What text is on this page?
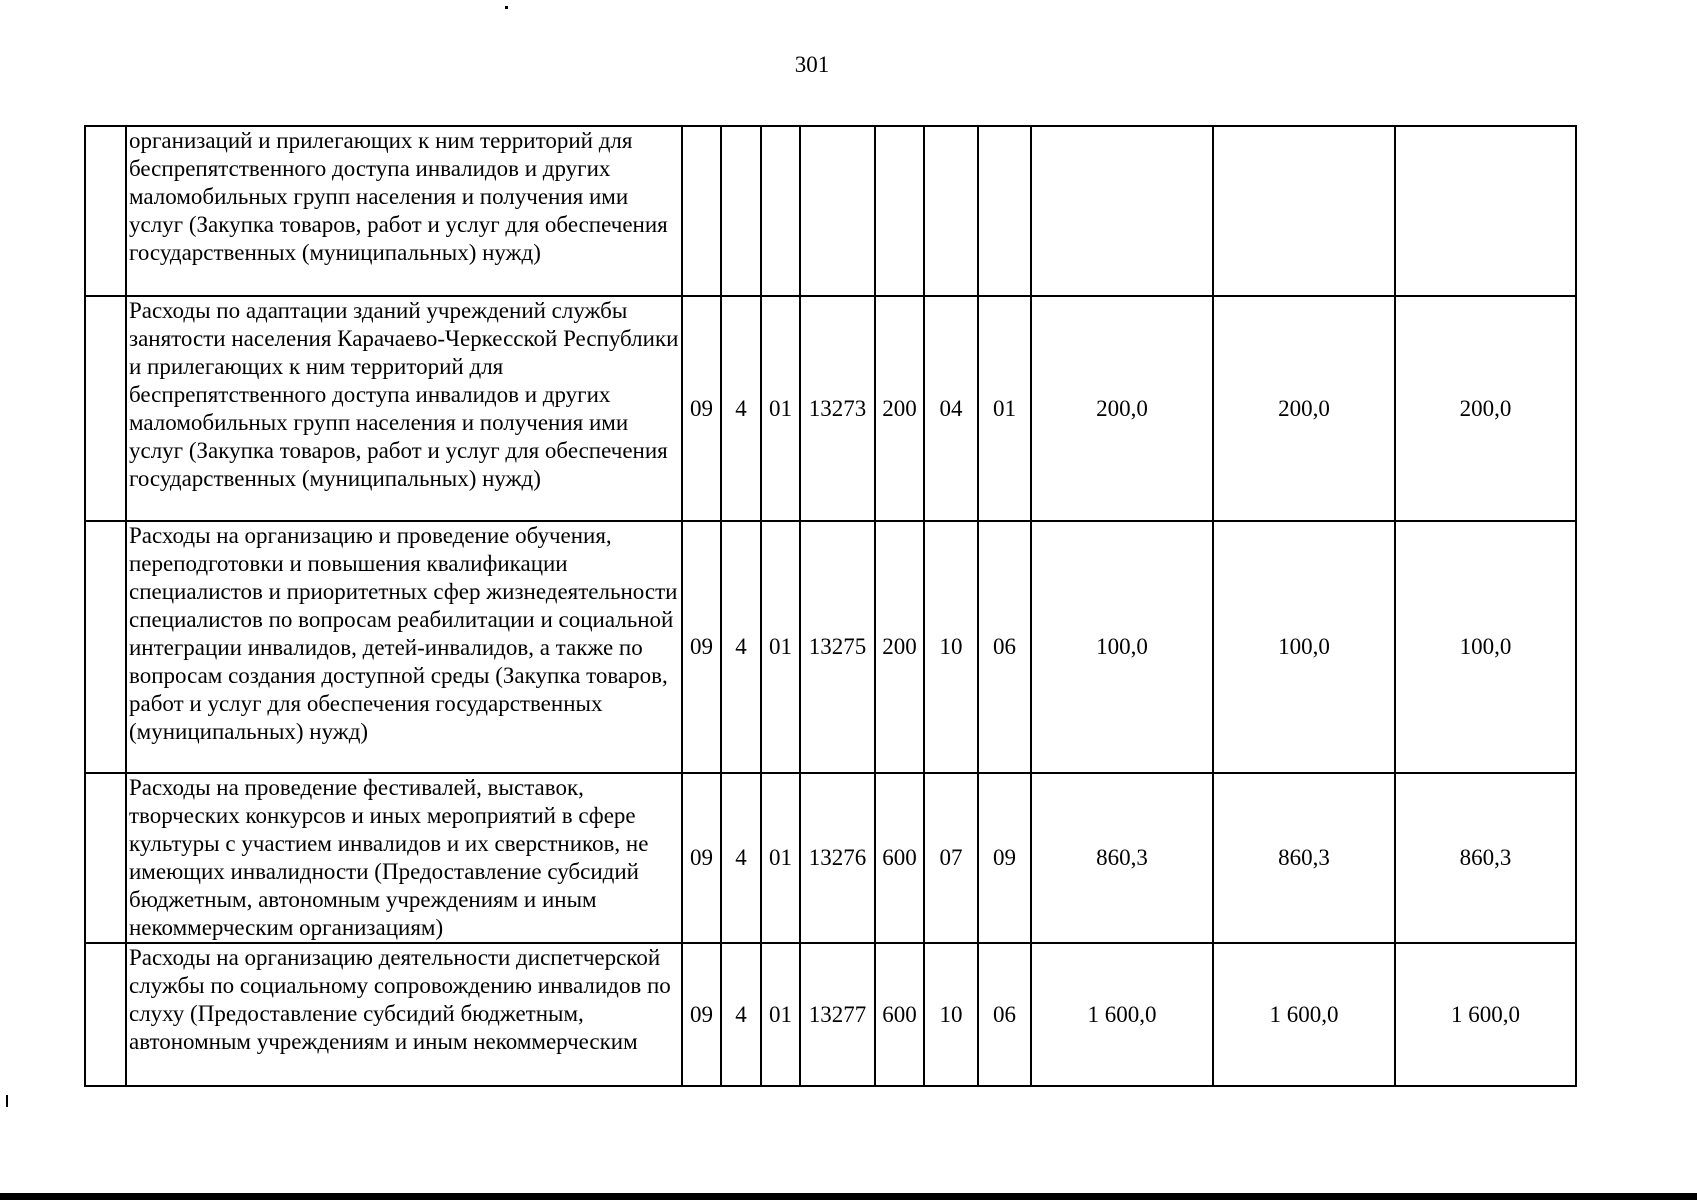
301

	организаций и прилегающих к ним территорий для беспрепятственного доступа инвалидов и других маломобильных групп населения и получения ими услуг (Закупка товаров, работ и услуг для обеспечения государственных (муниципальных) нужд)										

	Расходы по адаптации зданий учреждений службы занятости населения Карачаево-Черкесской Республики и прилегающих к ним территорий для беспрепятственного доступа инвалидов и других маломобильных групп населения и получения ими услуг (Закупка товаров, работ и услуг для обеспечения государственных (муниципальных) нужд)	09	4	01	13273	200	04	01	200,0	200,0	200,0

	Расходы на организацию и проведение обучения, переподготовки и повышения квалификации специалистов и приоритетных сфер жизнедеятельности специалистов по вопросам реабилитации и социальной интеграции инвалидов, детей-инвалидов, а также по вопросам создания доступной среды (Закупка товаров, работ и услуг для обеспечения государственных (муниципальных) нужд)	09	4	01	13275	200	10	06	100,0	100,0	100,0

	Расходы на проведение фестивалей, выставок, творческих конкурсов и иных мероприятий в сфере культуры с участием инвалидов и их сверстников, не имеющих инвалидности (Предоставление субсидий бюджетным, автономным учреждениям и иным некоммерческим организациям)	09	4	01	13276	600	07	09	860,3	860,3	860,3

	Расходы на организацию деятельности диспетчерской службы по социальному сопровождению инвалидов по слуху (Предоставление субсидий бюджетным, автономным учреждениям и иным некоммерческим	09	4	01	13277	600	10	06	1 600,0	1 600,0	1 600,0
